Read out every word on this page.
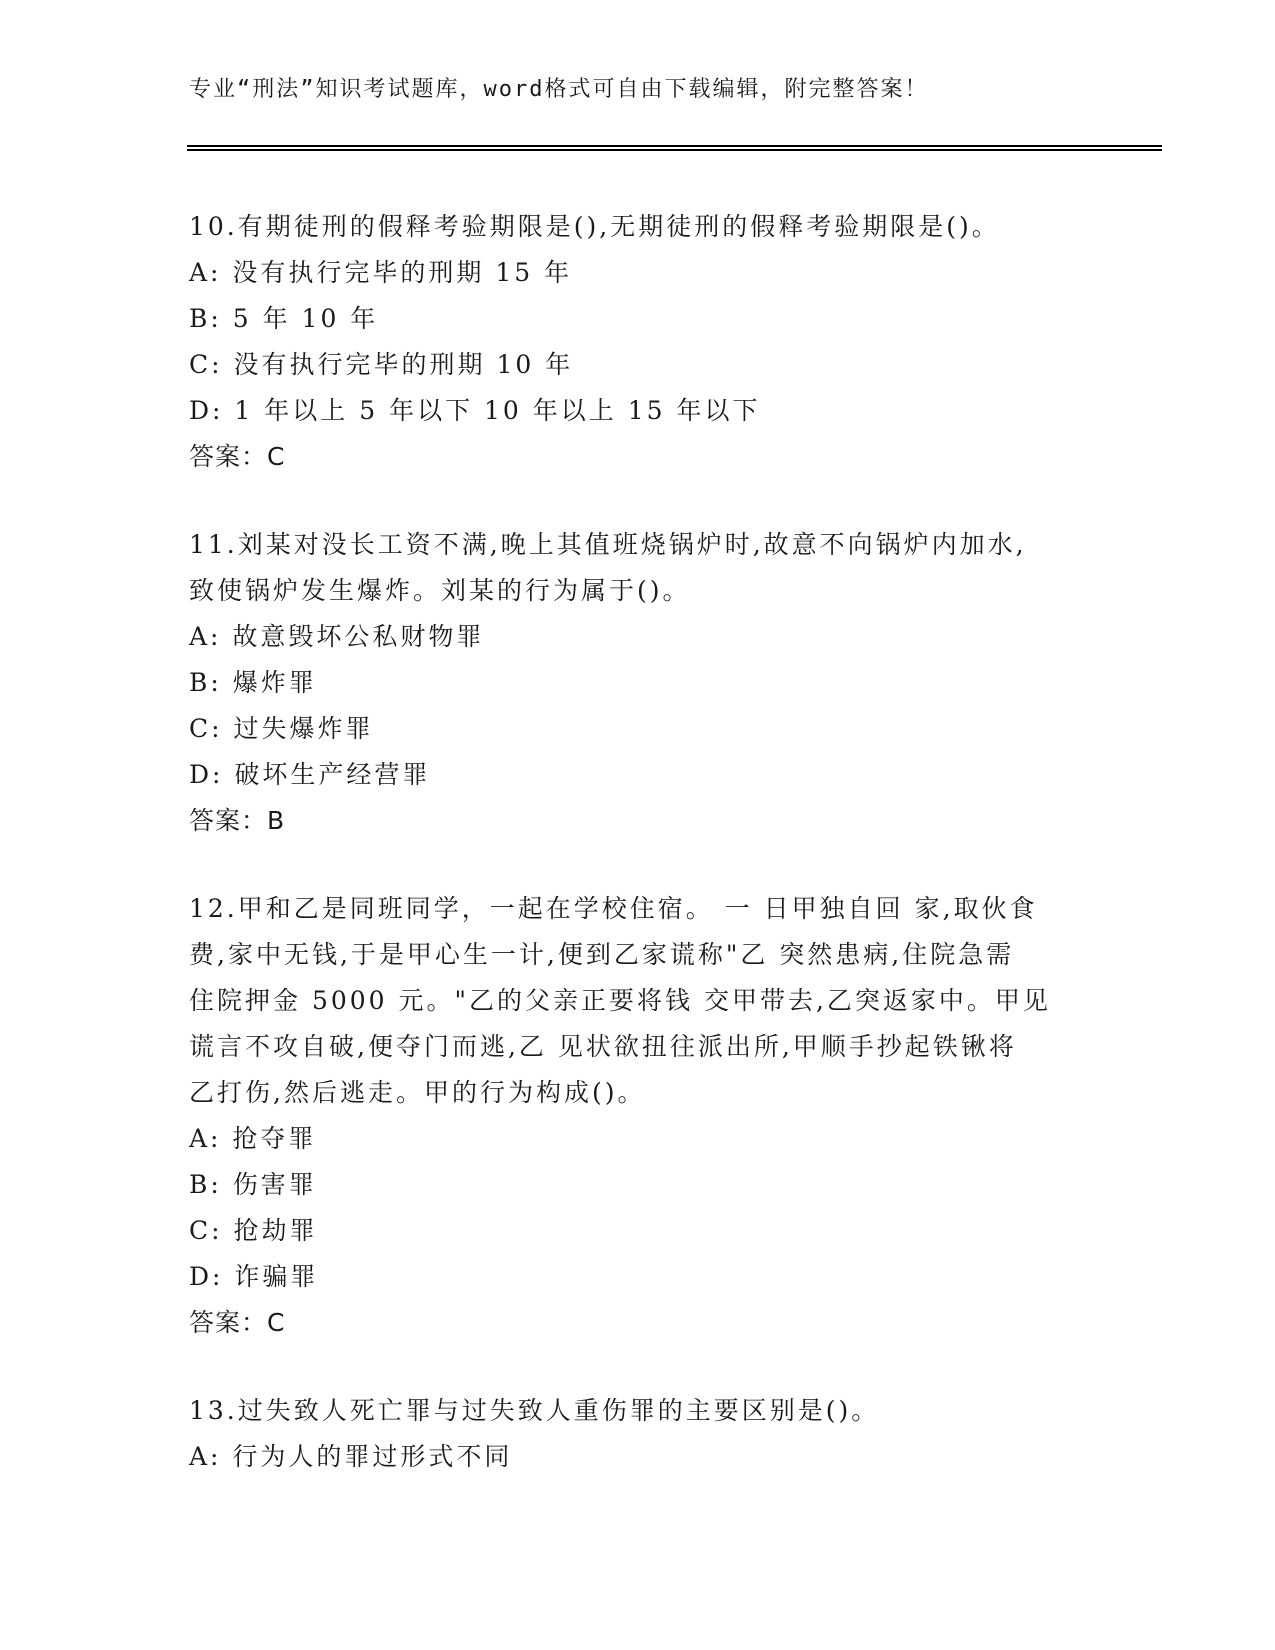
专业“刑法”知识考试题库，word格式可自由下载编辑，附完整答案！
10.有期徒刑的假释考验期限是(),无期徒刑的假释考验期限是()。
A: 没有执行完毕的刑期 15 年
B: 5 年 10 年
C: 没有执行完毕的刑期 10 年
D: 1 年以上 5 年以下 10 年以上 15 年以下
答案：C
11.刘某对没长工资不满,晚上其值班烧锅炉时,故意不向锅炉内加水,
致使锅炉发生爆炸。刘某的行为属于()。
A: 故意毁坏公私财物罪
B: 爆炸罪
C: 过失爆炸罪
D: 破坏生产经营罪
答案：B
12.甲和乙是同班同学，一起在学校住宿。 一 日甲独自回 家,取伙食
费,家中无钱,于是甲心生一计,便到乙家谎称"乙 突然患病,住院急需
住院押金 5000 元。"乙的父亲正要将钱 交甲带去,乙突返家中。甲见
谎言不攻自破,便夺门而逃,乙 见状欲扭往派出所,甲顺手抄起铁锹将
乙打伤,然后逃走。甲的行为构成()。
A: 抢夺罪
B: 伤害罪
C: 抢劫罪
D: 诈骗罪
答案：C
13.过失致人死亡罪与过失致人重伤罪的主要区别是()。
A: 行为人的罪过形式不同
